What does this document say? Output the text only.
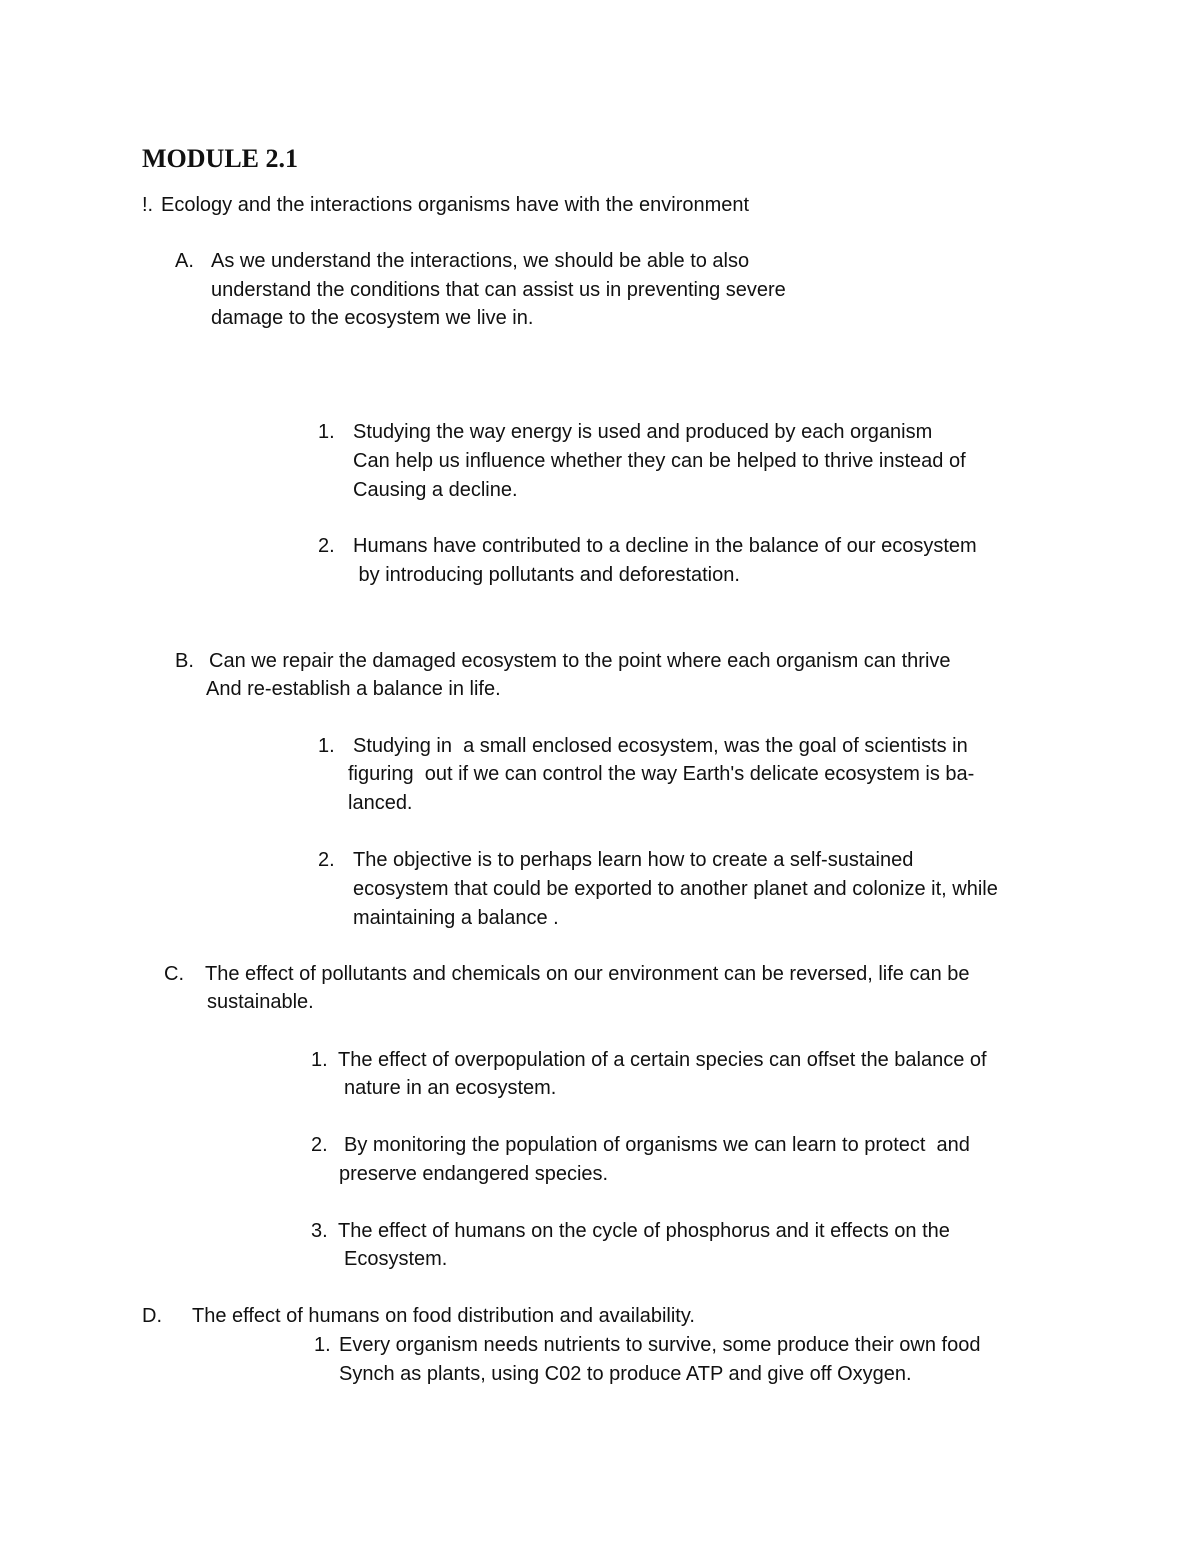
MODULE 2.1
!. Ecology and the interactions organisms have with the environment
A. As we understand the interactions, we should be able to also
understand the conditions that can assist us in preventing severe
damage to the ecosystem we live in.
1. Studying the way energy is used and produced by each organism
Can help us influence whether they can be helped to thrive instead of
Causing a decline.
2. Humans have contributed to a decline in the balance of our ecosystem
by introducing pollutants and deforestation.
B. Can we repair the damaged ecosystem to the point where each organism can thrive
And re-establish a balance in life.
1. Studying in  a small enclosed ecosystem, was the goal of scientists in
figuring  out if we can control the way Earth's delicate ecosystem is ba-
lanced.
2. The objective is to perhaps learn how to create a self-sustained
ecosystem that could be exported to another planet and colonize it, while
maintaining a balance .
C. The effect of pollutants and chemicals on our environment can be reversed, life can be
sustainable.
1. The effect of overpopulation of a certain species can offset the balance of
nature in an ecosystem.
2. By monitoring the population of organisms we can learn to protect  and
preserve endangered species.
3. The effect of humans on the cycle of phosphorus and it effects on the
Ecosystem.
D. The effect of humans on food distribution and availability.
1. Every organism needs nutrients to survive, some produce their own food
Synch as plants, using C02 to produce ATP and give off Oxygen.
